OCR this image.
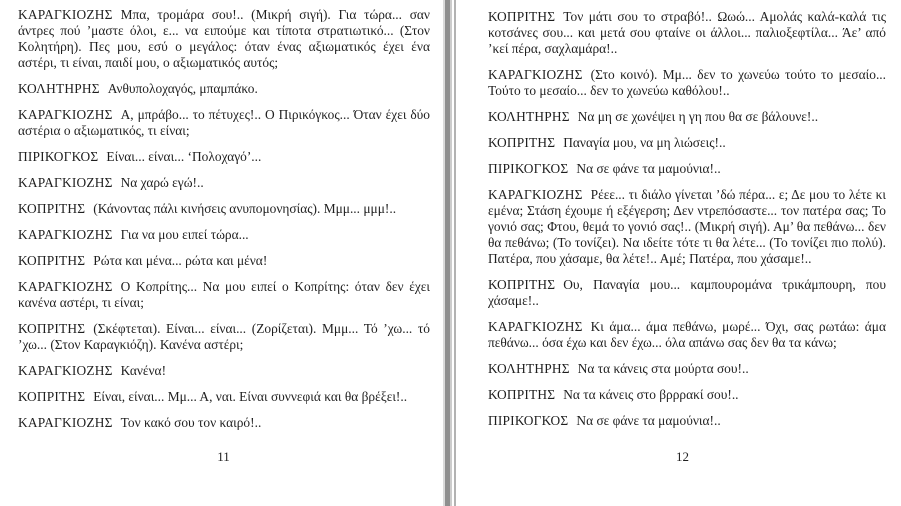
ΚΑΡΑΓΚΙΟΖΗΣ Μπα, τρομάρα σου!.. (Μικρή σιγή). Για τώρα... σαν άντρες πού ’μαστε όλοι, ε... να ειπούμε και τίποτα στρατιωτικό... (Στον Κολητήρη). Πες μου, εσύ ο μεγάλος: όταν ένας αξιωματικός έχει ένα αστέρι, τι είναι, παιδί μου, ο αξιωματικός αυτός;

ΚΟΛΗΤΗΡΗΣ Ανθυπολοχαγός, μπαμπάκο.

ΚΑΡΑΓΚΙΟΖΗΣ Α, μπράβο... το πέτυχες!.. Ο Πιρικόγκος... Όταν έχει δύο αστέρια ο αξιωματικός, τι είναι;

ΠΙΡΙΚΟΓΚΟΣ Είναι... είναι... ‘Πολοχαγό’...

ΚΑΡΑΓΚΙΟΖΗΣ Να χαρώ εγώ!..

ΚΟΠΡΙΤΗΣ (Κάνοντας πάλι κινήσεις ανυπομονησίας). Μμμ... μμμ!..

ΚΑΡΑΓΚΙΟΖΗΣ Για να μου ειπεί τώρα...

ΚΟΠΡΙΤΗΣ Ρώτα και μένα... ρώτα και μένα!

ΚΑΡΑΓΚΙΟΖΗΣ Ο Κοπρίτης... Να μου ειπεί ο Κοπρίτης: όταν δεν έχει κανένα αστέρι, τι είναι;

ΚΟΠΡΙΤΗΣ (Σκέφτεται). Είναι... είναι... (Ζορίζεται). Μμμ... Τό ’χω... τό ’χω... (Στον Καραγκιόζη). Κανένα αστέρι;

ΚΑΡΑΓΚΙΟΖΗΣ Κανένα!

ΚΟΠΡΙΤΗΣ Είναι, είναι... Μμ... Α, ναι. Είναι συννεφιά και θα βρέξει!..

ΚΑΡΑΓΚΙΟΖΗΣ Τον κακό σου τον καιρό!..

11

ΚΟΠΡΙΤΗΣ Τον μάτι σου το στραβό!.. Ωωώ... Αμολάς καλά-καλά τις κοτσάνες σου... και μετά σου φταίνε οι άλλοι... παλιοξεφτίλα... Άε’ από ’κεί πέρα, σαχλαμάρα!..

ΚΑΡΑΓΚΙΟΖΗΣ (Στο κοινό). Μμ... δεν το χωνεύω τούτο το μεσαίο... Τούτο το μεσαίο... δεν το χωνεύω καθόλου!..

ΚΟΛΗΤΗΡΗΣ Να μη σε χωνέψει η γη που θα σε βάλουνε!..

ΚΟΠΡΙΤΗΣ Παναγία μου, να μη λιώσεις!..

ΠΙΡΙΚΟΓΚΟΣ Να σε φάνε τα μαμούνια!..

ΚΑΡΑΓΚΙΟΖΗΣ Ρέεε... τι διάλο γίνεται ’δώ πέρα... ε; Δε μου το λέτε κι εμένα; Στάση έχουμε ή εξέγερση; Δεν ντρεπόσαστε... τον πατέρα σας; Το γονιό σας; Φτου, θεμά το γονιό σας!.. (Μικρή σιγή). Αμ’ θα πεθάνω... δεν θα πεθάνω; (Το τονίζει). Να ιδείτε τότε τι θα λέτε... (Το τονίζει πιο πολύ). Πατέρα, που χάσαμε, θα λέτε!.. Αμέ; Πατέρα, που χάσαμε!..

ΚΟΠΡΙΤΗΣ Ου, Παναγία μου... καμπουρομάνα τρικάμπουρη, που χάσαμε!..

ΚΑΡΑΓΚΙΟΖΗΣ Κι άμα... άμα πεθάνω, μωρέ... Όχι, σας ρωτάω: άμα πεθάνω... όσα έχω και δεν έχω... όλα απάνω σας δεν θα τα κάνω;

ΚΟΛΗΤΗΡΗΣ Να τα κάνεις στα μούρτα σου!..

ΚΟΠΡΙΤΗΣ Να τα κάνεις στο βρρρακί σου!..

ΠΙΡΙΚΟΓΚΟΣ Να σε φάνε τα μαμούνια!..

12
